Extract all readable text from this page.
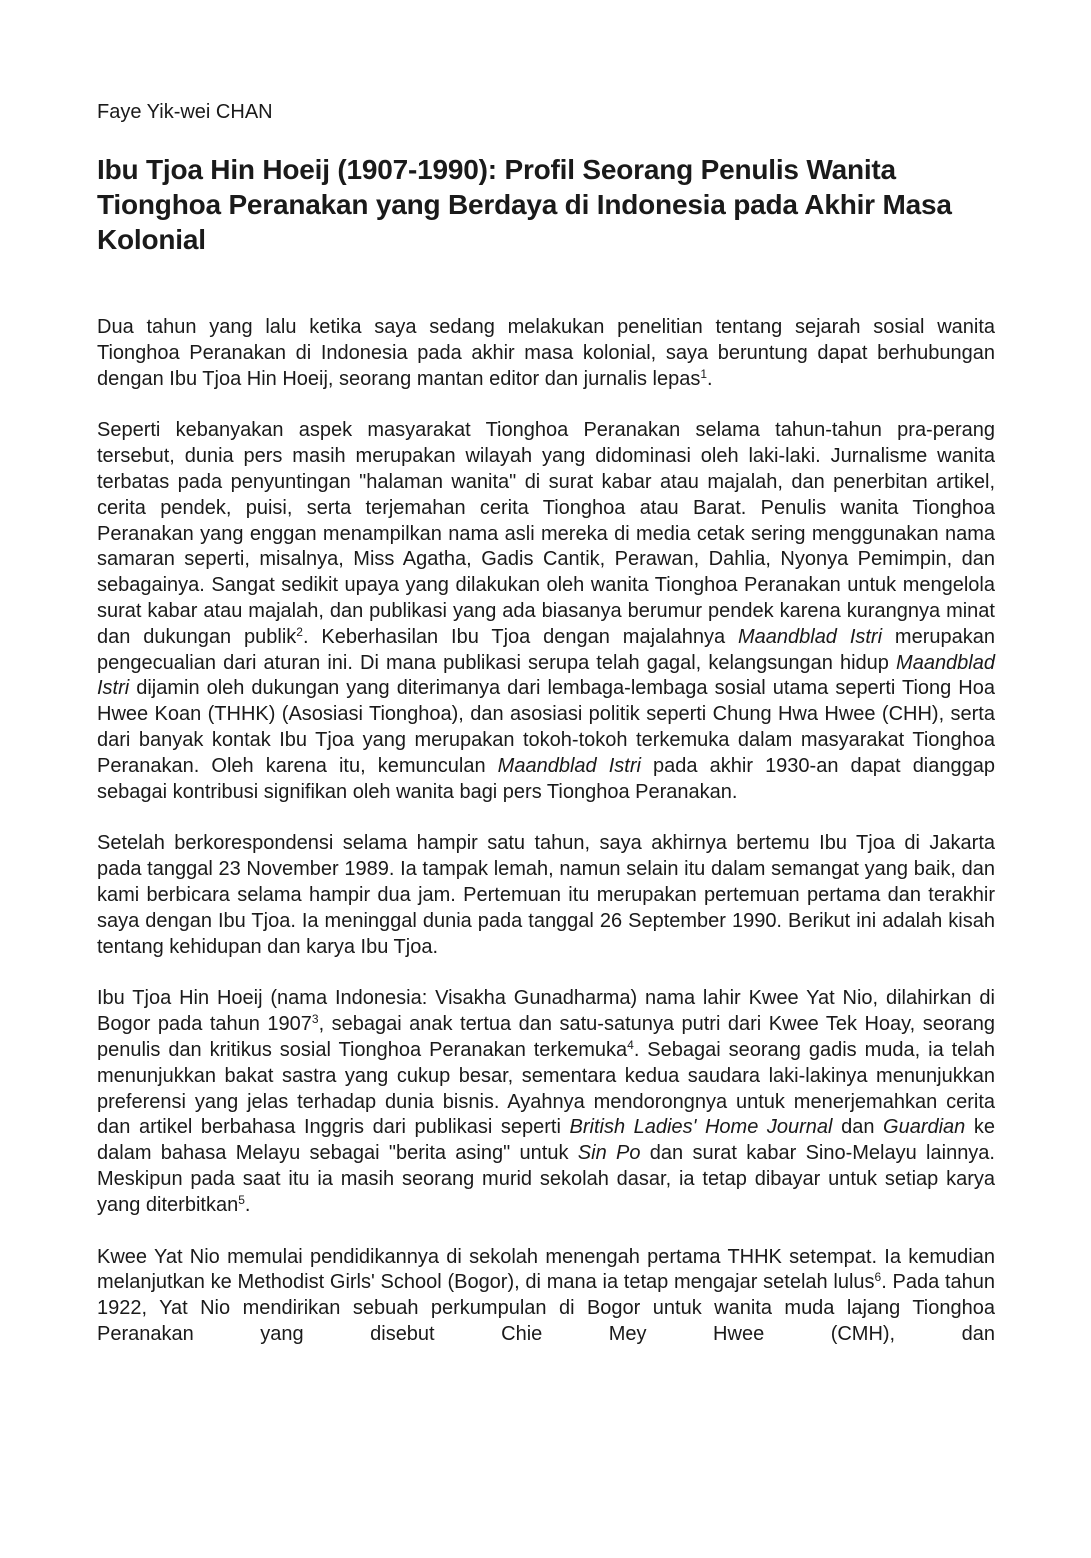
Faye Yik-wei CHAN
Ibu Tjoa Hin Hoeij (1907-1990): Profil Seorang Penulis Wanita Tionghoa Peranakan yang Berdaya di Indonesia pada Akhir Masa Kolonial

Dua tahun yang lalu ketika saya sedang melakukan penelitian tentang sejarah sosial wanita Tionghoa Peranakan di Indonesia pada akhir masa kolonial, saya beruntung dapat berhubungan dengan Ibu Tjoa Hin Hoeij, seorang mantan editor dan jurnalis lepas$^1$.

Seperti kebanyakan aspek masyarakat Tionghoa Peranakan selama tahun-tahun pra-perang tersebut, dunia pers masih merupakan wilayah yang didominasi oleh laki-laki. Jurnalisme wanita terbatas pada penyuntingan "halaman wanita" di surat kabar atau majalah, dan penerbitan artikel, cerita pendek, puisi, serta terjemahan cerita Tionghoa atau Barat. Penulis wanita Tionghoa Peranakan yang enggan menampilkan nama asli mereka di media cetak sering menggunakan nama samaran seperti, misalnya, Miss Agatha, Gadis Cantik, Perawan, Dahlia, Nyonya Pemimpin, dan sebagainya. Sangat sedikit upaya yang dilakukan oleh wanita Tionghoa Peranakan untuk mengelola surat kabar atau majalah, dan publikasi yang ada biasanya berumur pendek karena kurangnya minat dan dukungan publik$^2$. Keberhasilan Ibu Tjoa dengan majalahnya Maandblad Istri merupakan pengecualian dari aturan ini. Di mana publikasi serupa telah gagal, kelangsungan hidup Maandblad Istri dijamin oleh dukungan yang diterimanya dari lembaga-lembaga sosial utama seperti Tiong Hoa Hwee Koan (THHK) (Asosiasi Tionghoa), dan asosiasi politik seperti Chung Hwa Hwee (CHH), serta dari banyak kontak Ibu Tjoa yang merupakan tokoh-tokoh terkemuka dalam masyarakat Tionghoa Peranakan. Oleh karena itu, kemunculan Maandblad Istri pada akhir 1930-an dapat dianggap sebagai kontribusi signifikan oleh wanita bagi pers Tionghoa Peranakan.

Setelah berkorespondensi selama hampir satu tahun, saya akhirnya bertemu Ibu Tjoa di Jakarta pada tanggal 23 November 1989. Ia tampak lemah, namun selain itu dalam semangat yang baik, dan kami berbicara selama hampir dua jam. Pertemuan itu merupakan pertemuan pertama dan terakhir saya dengan Ibu Tjoa. Ia meninggal dunia pada tanggal 26 September 1990. Berikut ini adalah kisah tentang kehidupan dan karya Ibu Tjoa.

Ibu Tjoa Hin Hoeij (nama Indonesia: Visakha Gunadharma) nama lahir Kwee Yat Nio, dilahirkan di Bogor pada tahun 1907$^3$, sebagai anak tertua dan satu-satunya putri dari Kwee Tek Hoay, seorang penulis dan kritikus sosial Tionghoa Peranakan terkemuka$^4$. Sebagai seorang gadis muda, ia telah menunjukkan bakat sastra yang cukup besar, sementara kedua saudara laki-lakinya menunjukkan preferensi yang jelas terhadap dunia bisnis. Ayahnya mendorongnya untuk menerjemahkan cerita dan artikel berbahasa Inggris dari publikasi seperti British Ladies' Home Journal dan Guardian ke dalam bahasa Melayu sebagai "berita asing" untuk Sin Po dan surat kabar Sino-Melayu lainnya. Meskipun pada saat itu ia masih seorang murid sekolah dasar, ia tetap dibayar untuk setiap karya yang diterbitkan$^5$.

Kwee Yat Nio memulai pendidikannya di sekolah menengah pertama THHK setempat. Ia kemudian melanjutkan ke Methodist Girls' School (Bogor), di mana ia tetap mengajar setelah lulus$^6$. Pada tahun 1922, Yat Nio mendirikan sebuah perkumpulan di Bogor untuk wanita muda lajang Tionghoa Peranakan yang disebut Chie Mey Hwee (CMH), dan
